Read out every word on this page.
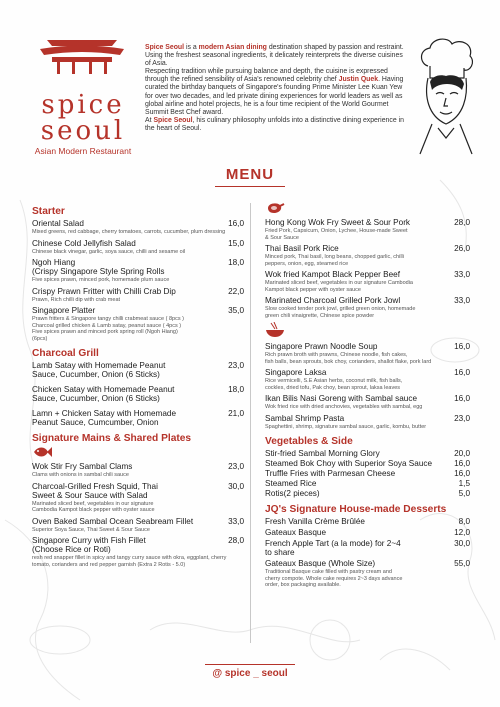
spice
seoul
Asian Modern Restaurant

Spice Seoul is a modern Asian dining destination shaped by passion and restraint. Using the freshest seasonal ingredients, it delicately reinterprets the diverse cuisines of Asia.

Respecting tradition while pursuing balance and depth, the cuisine is expressed through the refined sensibility of Asia's renowned celebrity chef Justin Quek. Having curated the birthday banquets of Singapore's founding Prime Minister Lee Kuan Yew for over two decades, and led private dining experiences for world leaders as well as global airline and hotel projects, he is a four time recipient of the World Gourmet Summit Best Chef award.

At Spice Seoul, his culinary philosophy unfolds into a distinctive dining experience in the heart of Seoul.

MENU
Starter
Oriental Salad	16,0
Mixed greens, red cabbage, cherry tomatoes, carrots, cucumber, plum dressing
Chinese Cold Jellyfish Salad	15,0
Chinese black vinegar, garlic, soya sauce, chilli and sesame oil
Ngoh Hiang
(Crispy Singapore Style Spring Rolls
18,0
Five spices prawn, minced pork, homemade plum sauce
Crispy Prawn Fritter with Chilli Crab Dip	22,0
Prawn, Rich chilli dip with crab meat
Singapore Platter	35,0
Prawn fritters & Singapore tangy chilli crabmeat sauce ( 8pcs )
Charcoal grilled chicken & Lamb satay, peanut sauce ( 4pcs )
Five spices prawn and minced pork spring roll (Ngoh Hiang)
(6pcs)
Charcoal Grill
Lamb Satay with Homemade Peanut
Sauce, Cucumber, Onion (6 Sticks)
23,0
Chicken Satay with Homemade Peanut
Sauce, Cucumber, Onion (6 Sticks)
18,0
Lamn + Chicken Satay with Homemade
Peanut Sauce, Cumcumber, Onion
21,0
Signature Mains & Shared Plates
Wok Stir Fry Sambal Clams	23,0
Clams with onions in sambal chili sauce
Charcoal-Grilled Fresh Squid, Thai
Sweet & Sour Sauce with Salad
30,0
Marinated sliced beef, vegetables in our signature
Cambodia Kampot black pepper with oyster sauce
Oven Baked Sambal Ocean Seabream Fillet	33,0
Superior Soya Sauce, Thai Sweet & Sour Sauce
Singapore Curry with Fish Fillet
(Choose Rice or Roti)
28,0
resh red snapper fillet in spicy and tangy curry sauce with okra, eggplant, cherry tomato, corianders and red pepper garnish (Extra 2 Rotis - 5.0)
Hong Kong Wok Fry Sweet & Sour Pork	28,0
Fried Pork, Capsicum, Onion, Lychee, House-made Sweet
& Sour Sauce
Thai Basil Pork Rice	26,0
Minced pork, Thai basil, long beans, chopped garlic, chilli
peppers, onion, egg, steamed rice
Wok fried Kampot Black Pepper Beef	33,0
Marinated sliced beef, vegetables in our signature Cambodia
Kampot black pepper with oyster sauce
Marinated Charcoal Grilled Pork Jowl	33,0
Slow cooked tender pork jowl, grilled green onion, homemade
green chili vinaigrette, Chinese spice powder
Singapore Prawn Noodle Soup	16,0
Rich prawn broth with prawns, Chinese noodle, fish cakes,
fish balls, bean sprouts, bok choy, corianders, shallot flake, pork lard
Singapore Laksa	16,0
Rice vermicelli, S.E Asian herbs, coconut milk, fish balls,
cockles, dried tofu, Pak choy, bean sprout, laksa leaves
Ikan Bilis Nasi Goreng with Sambal sauce	16,0
Wok fried rice with dried anchovies, vegetables with sambal, egg
Sambal Shrimp Pasta	23,0
Spaghettini, shrimp, signature sambal sauce, garlic, kombu, butter
Vegetables & Side
Stir-fried Sambal Morning Glory	20,0
Steamed Bok Choy with Superior Soya Sauce	16,0
Truffle Fries with Parmesan Cheese	16,0
Steamed Rice	1,5
Rotis(2 pieces)	5,0
JQ's Signature House-made Desserts
Fresh Vanilla Crème Brûlée	8,0
Gateaux Basque	12,0
French Apple Tart (a la mode) for 2~4
to share
30,0
Gateaux Basque (Whole Size)	55,0
Traditional Basque cake filled with pastry cream and
cherry compote. Whole cake requires 2~3 days advance
order, box packaging available.
@ spice _ seoul
